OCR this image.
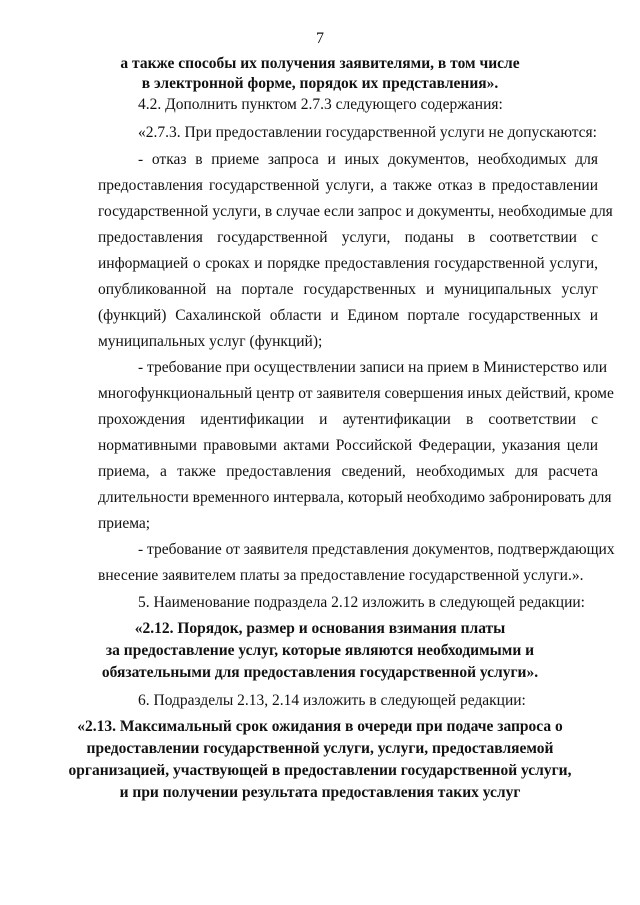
7
а также способы их получения заявителями, в том числе
в электронной форме, порядок их представления».
4.2. Дополнить пунктом 2.7.3 следующего содержания:
«2.7.3. При предоставлении государственной услуги не допускаются:
- отказ в приеме запроса и иных документов, необходимых для
предоставления государственной услуги, а также отказ в предоставлении
государственной услуги, в случае если запрос и документы, необходимые для
предоставления государственной услуги, поданы в соответствии с
информацией о сроках и порядке предоставления государственной услуги,
опубликованной на портале государственных и муниципальных услуг
(функций) Сахалинской области и Едином портале государственных и
муниципальных услуг (функций);
- требование при осуществлении записи на прием в Министерство или
многофункциональный центр от заявителя совершения иных действий, кроме
прохождения идентификации и аутентификации в соответствии с
нормативными правовыми актами Российской Федерации, указания цели
приема, а также предоставления сведений, необходимых для расчета
длительности временного интервала, который необходимо забронировать для
приема;
- требование от заявителя представления документов, подтверждающих
внесение заявителем платы за предоставление государственной услуги.».
5. Наименование подраздела 2.12 изложить в следующей редакции:
«2.12. Порядок, размер и основания взимания платы
за предоставление услуг, которые являются необходимыми и
обязательными для предоставления государственной услуги».
6. Подразделы 2.13, 2.14 изложить в следующей редакции:
«2.13. Максимальный срок ожидания в очереди при подаче запроса о
предоставлении государственной услуги, услуги, предоставляемой
организацией, участвующей в предоставлении государственной услуги,
и при получении результата предоставления таких услуг
